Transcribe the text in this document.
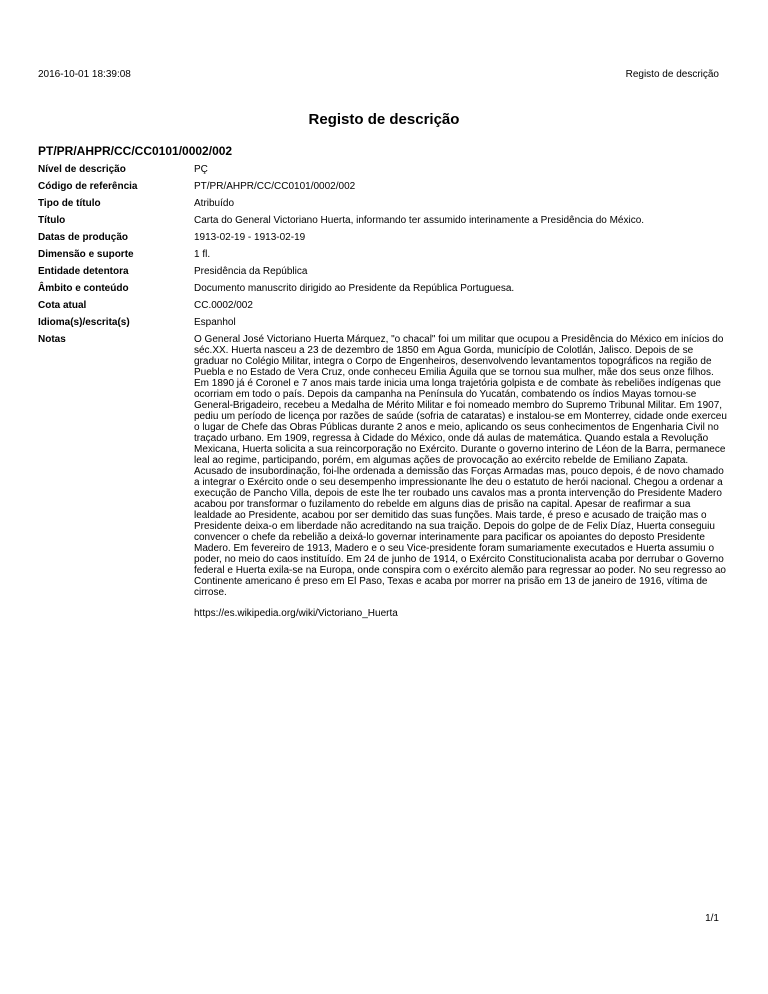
2016-10-01 18:39:08	Registo de descrição
Registo de descrição
PT/PR/AHPR/CC/CC0101/0002/002
Nível de descrição	PÇ
Código de referência	PT/PR/AHPR/CC/CC0101/0002/002
Tipo de título	Atribuído
Título	Carta do General Victoriano Huerta, informando ter assumido interinamente a Presidência do México.
Datas de produção	1913-02-19 - 1913-02-19
Dimensão e suporte	1 fl.
Entidade detentora	Presidência da República
Âmbito e conteúdo	Documento manuscrito dirigido ao Presidente da República Portuguesa.
Cota atual	CC.0002/002
Idioma(s)/escrita(s)	Espanhol
Notas	O General José Victoriano Huerta Márquez, "o chacal" foi um militar que ocupou a Presidência do México em inícios do séc.XX. Huerta nasceu a 23 de dezembro de 1850 em Agua Gorda, município de Colotlán, Jalisco. Depois de se graduar no Colégio Militar, integra o Corpo de Engenheiros, desenvolvendo levantamentos topográficos na região de Puebla e no Estado de Vera Cruz, onde conheceu Emilia Águila que se tornou sua mulher, mãe dos seus onze filhos.
Em 1890 já é Coronel e 7 anos mais tarde inicia uma longa trajetória golpista e de combate às rebeliões indígenas que ocorriam em todo o país. Depois da campanha na Península do Yucatán, combatendo os índios Mayas tornou-se General-Brigadeiro, recebeu a Medalha de Mérito Militar e foi nomeado membro do Supremo Tribunal Militar. Em 1907, pediu um período de licença por razões de saúde (sofria de cataratas) e instalou-se em Monterrey, cidade onde exerceu o lugar de Chefe das Obras Públicas durante 2 anos e meio, aplicando os seus conhecimentos de Engenharia Civil no traçado urbano. Em 1909, regressa à Cidade do México, onde dá aulas de matemática. Quando estala a Revolução Mexicana, Huerta solicita a sua reincorporação no Exército. Durante o governo interino de Léon de la Barra, permanece leal ao regime, participando, porém, em algumas ações de provocação ao exército rebelde de Emiliano Zapata. Acusado de insubordinação, foi-lhe ordenada a demissão das Forças Armadas mas, pouco depois, é de novo chamado a integrar o Exército onde o seu desempenho impressionante lhe deu o estatuto de herói nacional. Chegou a ordenar a execução de Pancho Villa, depois de este lhe ter roubado uns cavalos mas a pronta intervenção do Presidente Madero acabou por transformar o fuzilamento do rebelde em alguns dias de prisão na capital. Apesar de reafirmar a sua lealdade ao Presidente, acabou por ser demitido das suas funções. Mais tarde, é preso e acusado de traição mas o Presidente deixa-o em liberdade não acreditando na sua traição. Depois do golpe de de Felix Díaz, Huerta conseguiu convencer o chefe da rebelião a deixá-lo governar interinamente para pacificar os apoiantes do deposto Presidente Madero. Em fevereiro de 1913, Madero e o seu Vice-presidente foram sumariamente executados e Huerta assumiu o poder, no meio do caos instituído. Em 24 de junho de 1914, o Exército Constitucionalista acaba por derrubar o Governo federal e Huerta exila-se na Europa, onde conspira com o exército alemão para regressar ao poder. No seu regresso ao Continente americano é preso em El Paso, Texas e acaba por morrer na prisão em 13 de janeiro de 1916, vítima de cirrose.
https://es.wikipedia.org/wiki/Victoriano_Huerta
1/1
